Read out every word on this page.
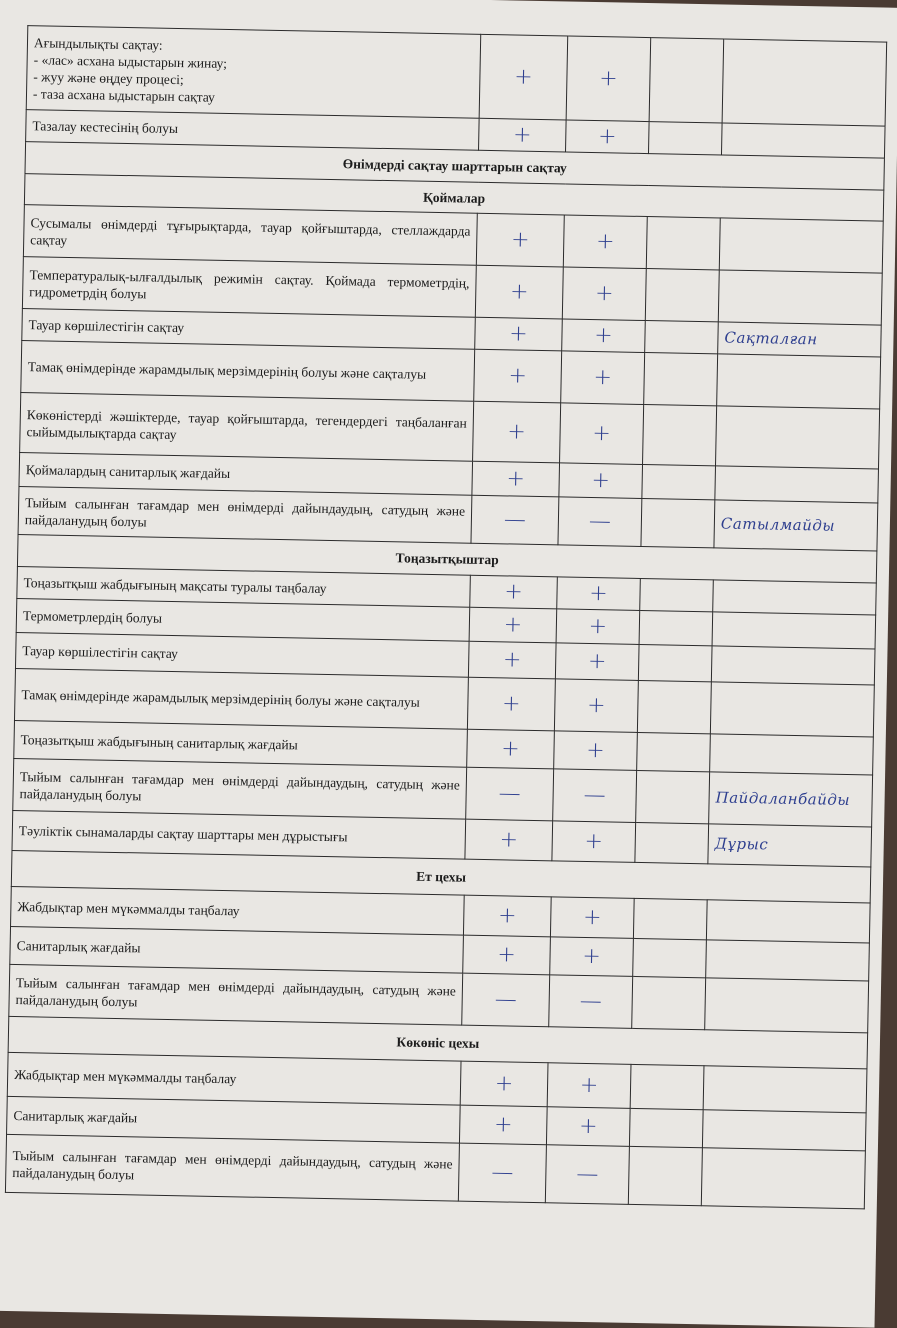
Ағындылықты сақтау:
- «лас» асхана ыдыстарын жинау;
- жуу және өңдеу процесі;
- таза асхана ыдыстарын сақтау	+	+		
Тазалау кестесінің болуы	+	+		
Өнімдерді сақтау шарттарын сақтау				
Қоймалар				
Сусымалы өнімдерді тұғырықтарда, тауар қойғыштарда, стеллаждарда сақтау	+	+		
Температуралық-ылғалдылық режимін сақтау. Қоймада термометрдің, гидрометрдің болуы	+	+		
Тауар көршілестігін сақтау	+	+		Сақталған
Тамақ өнімдерінде жарамдылық мерзімдерінің болуы және сақталуы	+	+		
Көкөністерді жәшіктерде, тауар қойғыштарда, тегендердегі таңбаланған сыйымдылықтарда сақтау	+	+		
Қоймалардың санитарлық жағдайы	+	+		
Тыйым салынған тағамдар мен өнімдерді дайындаудың, сатудың және пайдаланудың болуы	—	—		Сатылмайды
Тоңазытқыштар				
Тоңазытқыш жабдығының мақсаты туралы таңбалау	+	+		
Термометрлердің болуы	+	+		
Тауар көршілестігін сақтау	+	+		
Тамақ өнімдерінде жарамдылық мерзімдерінің болуы және сақталуы	+	+		
Тоңазытқыш жабдығының санитарлық жағдайы	+	+		
Тыйым салынған тағамдар мен өнімдерді дайындаудың, сатудың және пайдаланудың болуы	—	—		Пайдаланбайды
Тәуліктік сынамаларды сақтау шарттары мен дұрыстығы	+	+		Дұрыс
Ет цехы				
Жабдықтар мен мүкәммалды таңбалау	+	+		
Санитарлық жағдайы	+	+		
Тыйым салынған тағамдар мен өнімдерді дайындаудың, сатудың және пайдаланудың болуы	—	—		
Көкөніс цехы				
Жабдықтар мен мүкәммалды таңбалау	+	+		
Санитарлық жағдайы	+	+		
Тыйым салынған тағамдар мен өнімдерді дайындаудың, сатудың және пайдаланудың болуы	—	—		
